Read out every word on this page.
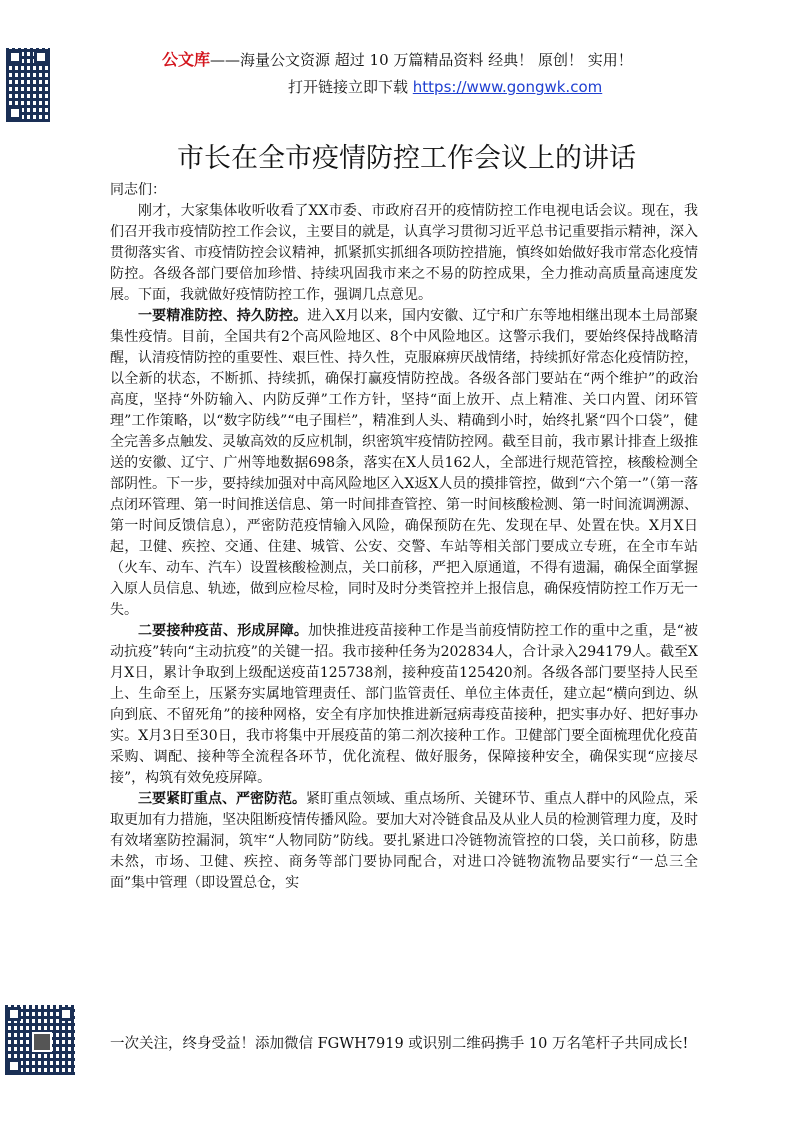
公文库——海量公文资源 超过 10 万篇精品资料 经典！ 原创！ 实用！
打开链接立即下载 https://www.gongwk.com
市长在全市疫情防控工作会议上的讲话

同志们：

刚才，大家集体收听收看了XX市委、市政府召开的疫情防控工作电视电话会议。现在，我们召开我市疫情防控工作会议，主要目的就是，认真学习贯彻习近平总书记重要指示精神，深入贯彻落实省、市疫情防控会议精神，抓紧抓实抓细各项防控措施，慎终如始做好我市常态化疫情防控。各级各部门要倍加珍惜、持续巩固我市来之不易的防控成果，全力推动高质量高速度发展。下面，我就做好疫情防控工作，强调几点意见。

一要精准防控、持久防控。进入X月以来，国内安徽、辽宁和广东等地相继出现本土局部聚集性疫情。目前，全国共有2个高风险地区、8个中风险地区。这警示我们，要始终保持战略清醒，认清疫情防控的重要性、艰巨性、持久性，克服麻痹厌战情绪，持续抓好常态化疫情防控，以全新的状态，不断抓、持续抓，确保打赢疫情防控战。各级各部门要站在“两个维护”的政治高度，坚持“外防输入、内防反弹”工作方针，坚持“面上放开、点上精准、关口内置、闭环管理”工作策略，以“数字防线”“电子围栏”，精准到人头、精确到小时，始终扎紧“四个口袋”，健全完善多点触发、灵敏高效的反应机制，织密筑牢疫情防控网。截至目前，我市累计排查上级推送的安徽、辽宁、广州等地数据698条，落实在X人员162人，全部进行规范管控，核酸检测全部阴性。下一步，要持续加强对中高风险地区入X返X人员的摸排管控，做到“六个第一”（第一落点闭环管理、第一时间推送信息、第一时间排查管控、第一时间核酸检测、第一时间流调溯源、第一时间反馈信息），严密防范疫情输入风险，确保预防在先、发现在早、处置在快。X月X日起，卫健、疾控、交通、住建、城管、公安、交警、车站等相关部门要成立专班，在全市车站（火车、动车、汽车）设置核酸检测点，关口前移，严把入原通道，不得有遗漏，确保全面掌握入原人员信息、轨迹，做到应检尽检，同时及时分类管控并上报信息，确保疫情防控工作万无一失。

二要接种疫苗、形成屏障。加快推进疫苗接种工作是当前疫情防控工作的重中之重，是“被动抗疫”转向“主动抗疫”的关键一招。我市接种任务为202834人，合计录入294179人。截至X月X日，累计争取到上级配送疫苗125738剂，接种疫苗125420剂。各级各部门要坚持人民至上、生命至上，压紧夯实属地管理责任、部门监管责任、单位主体责任，建立起“横向到边、纵向到底、不留死角”的接种网格，安全有序加快推进新冠病毒疫苗接种，把实事办好、把好事办实。X月3日至30日，我市将集中开展疫苗的第二剂次接种工作。卫健部门要全面梳理优化疫苗采购、调配、接种等全流程各环节，优化流程、做好服务，保障接种安全，确保实现“应接尽接”，构筑有效免疫屏障。

三要紧盯重点、严密防范。紧盯重点领域、重点场所、关键环节、重点人群中的风险点，采取更加有力措施，坚决阻断疫情传播风险。要加大对冷链食品及从业人员的检测管理力度，及时有效堵塞防控漏洞，筑牢“人物同防”防线。要扎紧进口冷链物流管控的口袋，关口前移，防患未然，市场、卫健、疾控、商务等部门要协同配合，对进口冷链物流物品要实行“一总三全面”集中管理（即设置总仓，实

一次关注，终身受益！添加微信 FGWH7919 或识别二维码携手 10 万名笔杆子共同成长!
